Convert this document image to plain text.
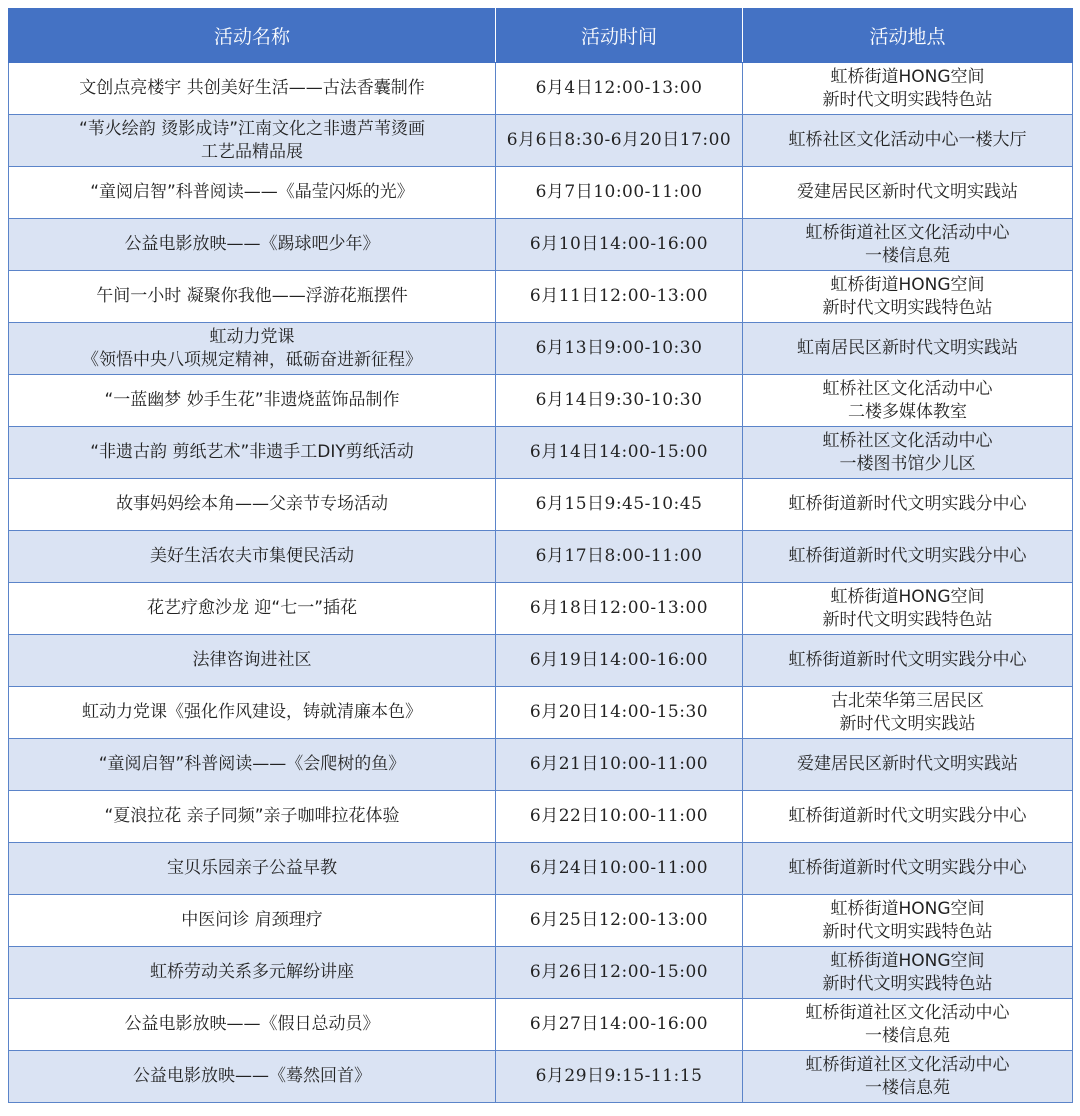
活动名称	活动时间	活动地点

文创点亮楼宇 共创美好生活——古法香囊制作	6月4日12:00-13:00	虹桥街道HONG空间
新时代文明实践特色站

“苇火绘韵 烫影成诗”江南文化之非遗芦苇烫画
工艺品精品展	6月6日8:30-6月20日17:00	虹桥社区文化活动中心一楼大厅

“童阅启智”科普阅读——《晶莹闪烁的光》	6月7日10:00-11:00	爱建居民区新时代文明实践站

公益电影放映——《踢球吧少年》	6月10日14:00-16:00	虹桥街道社区文化活动中心
一楼信息苑

午间一小时 凝聚你我他——浮游花瓶摆件	6月11日12:00-13:00	虹桥街道HONG空间
新时代文明实践特色站

虹动力党课
《领悟中央八项规定精神，砥砺奋进新征程》	6月13日9:00-10:30	虹南居民区新时代文明实践站

“一蓝幽梦 妙手生花”非遗烧蓝饰品制作	6月14日9:30-10:30	虹桥社区文化活动中心
二楼多媒体教室

“非遗古韵 剪纸艺术”非遗手工DIY剪纸活动	6月14日14:00-15:00	虹桥社区文化活动中心
一楼图书馆少儿区

故事妈妈绘本角——父亲节专场活动	6月15日9:45-10:45	虹桥街道新时代文明实践分中心

美好生活农夫市集便民活动	6月17日8:00-11:00	虹桥街道新时代文明实践分中心

花艺疗愈沙龙 迎“七一”插花	6月18日12:00-13:00	虹桥街道HONG空间
新时代文明实践特色站

法律咨询进社区	6月19日14:00-16:00	虹桥街道新时代文明实践分中心

虹动力党课《强化作风建设，铸就清廉本色》	6月20日14:00-15:30	古北荣华第三居民区
新时代文明实践站

“童阅启智”科普阅读——《会爬树的鱼》	6月21日10:00-11:00	爱建居民区新时代文明实践站

“夏浪拉花 亲子同频”亲子咖啡拉花体验	6月22日10:00-11:00	虹桥街道新时代文明实践分中心

宝贝乐园亲子公益早教	6月24日10:00-11:00	虹桥街道新时代文明实践分中心

中医问诊 肩颈理疗	6月25日12:00-13:00	虹桥街道HONG空间
新时代文明实践特色站

虹桥劳动关系多元解纷讲座	6月26日12:00-15:00	虹桥街道HONG空间
新时代文明实践特色站

公益电影放映——《假日总动员》	6月27日14:00-16:00	虹桥街道社区文化活动中心
一楼信息苑

公益电影放映——《蓦然回首》	6月29日9:15-11:15	虹桥街道社区文化活动中心
一楼信息苑
